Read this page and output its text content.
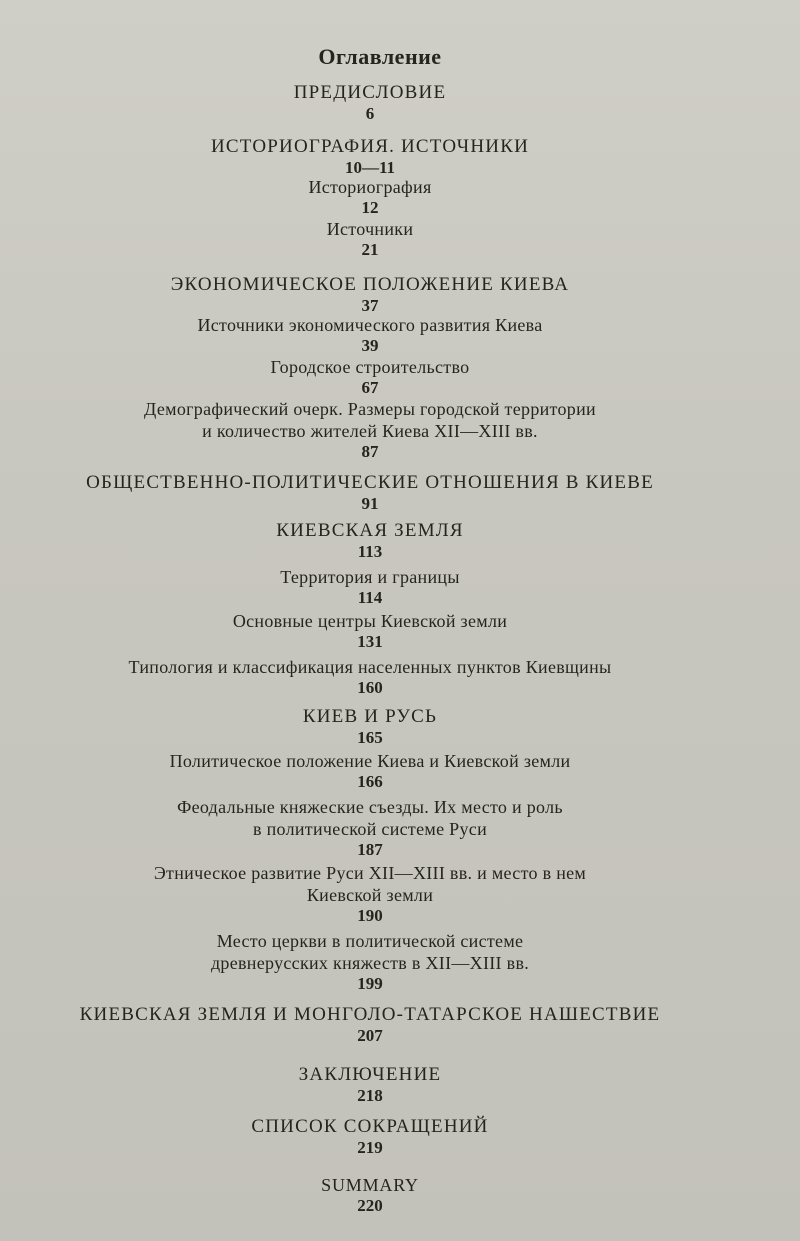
Оглавление
ПРЕДИСЛОВИЕ
6
ИСТОРИОГРАФИЯ. ИСТОЧНИКИ
10—11
Историография
12
Источники
21
ЭКОНОМИЧЕСКОЕ ПОЛОЖЕНИЕ КИЕВА
37
Источники экономического развития Киева
39
Городское строительство
67
Демографический очерк. Размеры городской территории
и количество жителей Киева XII—XIII вв.
87
ОБЩЕСТВЕННО-ПОЛИТИЧЕСКИЕ ОТНОШЕНИЯ В КИЕВЕ
91
КИЕВСКАЯ ЗЕМЛЯ
113
Территория и границы
114
Основные центры Киевской земли
131
Типология и классификация населенных пунктов Киевщины
160
КИЕВ И РУСЬ
165
Политическое положение Киева и Киевской земли
166
Феодальные княжеские съезды. Их место и роль
в политической системе Руси
187
Этническое развитие Руси XII—XIII вв. и место в нем
Киевской земли
190
Место церкви в политической системе
древнерусских княжеств в XII—XIII вв.
199
КИЕВСКАЯ ЗЕМЛЯ И МОНГОЛО-ТАТАРСКОЕ НАШЕСТВИЕ
207
ЗАКЛЮЧЕНИЕ
218
СПИСОК СОКРАЩЕНИЙ
219
SUMMARY
220
